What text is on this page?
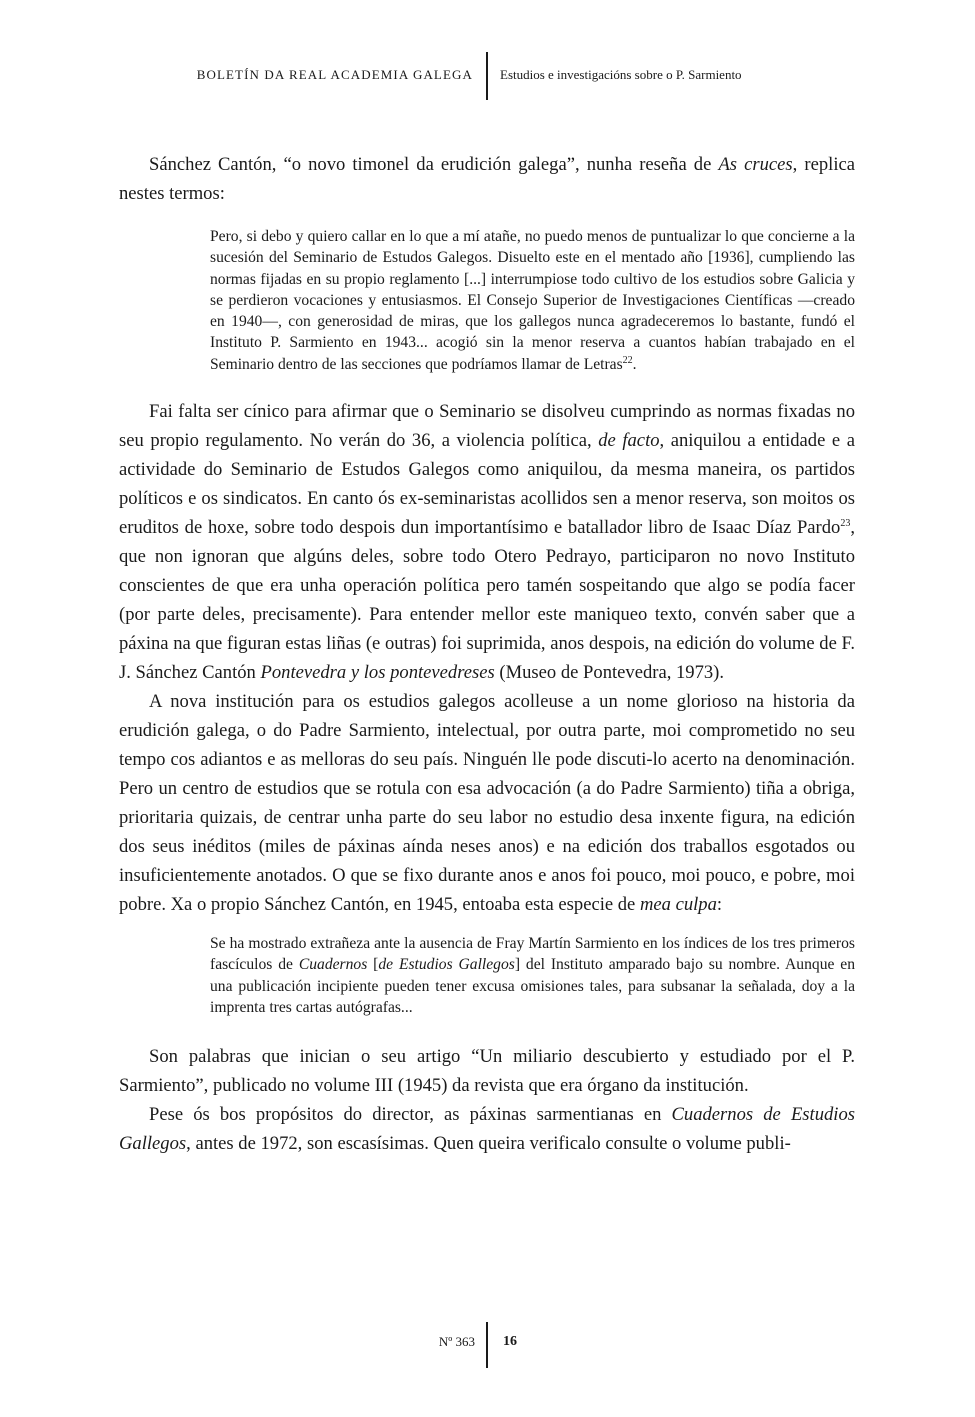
BOLETÍN DA REAL ACADEMIA GALEGA Estudios e investigacións sobre o P. Sarmiento

Sánchez Cantón, “o novo timonel da erudición galega”, nunha reseña de As cruces, replica nestes termos:

Pero, si debo y quiero callar en lo que a mí atañe, no puedo menos de puntualizar lo que concierne a la sucesión del Seminario de Estudos Galegos. Disuelto este en el mentado año [1936], cumpliendo las normas fijadas en su propio reglamento [...] interrumpiose todo cultivo de los estudios sobre Galicia y se perdieron vocaciones y entusiasmos. El Consejo Superior de Investigaciones Científicas —creado en 1940—, con generosidad de miras, que los gallegos nunca agradeceremos lo bastante, fundó el Instituto P. Sarmiento en 1943... acogió sin la menor reserva a cuantos habían trabajado en el Seminario dentro de las secciones que podríamos llamar de Letras$^{22}$.

Fai falta ser cínico para afirmar que o Seminario se disolveu cumprindo as normas fixadas no seu propio regulamento. No verán do 36, a violencia política, de facto, aniquilou a entidade e a actividade do Seminario de Estudos Galegos como aniquilou, da mesma maneira, os partidos políticos e os sindicatos. En canto ós ex-seminaristas acollidos sen a menor reserva, son moitos os eruditos de hoxe, sobre todo despois dun importantísimo e batallador libro de Isaac Díaz Pardo$^{23}$, que non ignoran que algúns deles, sobre todo Otero Pedrayo, participaron no novo Instituto conscientes de que era unha operación política pero tamén sospeitando que algo se podía facer (por parte deles, precisamente). Para entender mellor este maniqueo texto, convén saber que a páxina na que figuran estas liñas (e outras) foi suprimida, anos despois, na edición do volume de F. J. Sánchez Cantón Pontevedra y los pontevedreses (Museo de Pontevedra, 1973).

A nova institución para os estudios galegos acolleuse a un nome glorioso na historia da erudición galega, o do Padre Sarmiento, intelectual, por outra parte, moi comprometido no seu tempo cos adiantos e as melloras do seu país. Ninguén lle pode discuti-lo acerto na denominación. Pero un centro de estudios que se rotula con esa advocación (a do Padre Sarmiento) tiña a obriga, prioritaria quizais, de centrar unha parte do seu labor no estudio desa inxente figura, na edición dos seus inéditos (miles de páxinas aínda neses anos) e na edición dos traballos esgotados ou insuficientemente anotados. O que se fixo durante anos e anos foi pouco, moi pouco, e pobre, moi pobre. Xa o propio Sánchez Cantón, en 1945, entoaba esta especie de mea culpa:

Se ha mostrado extrañeza ante la ausencia de Fray Martín Sarmiento en los índices de los tres primeros fascículos de Cuadernos [de Estudios Gallegos] del Instituto amparado bajo su nombre. Aunque en una publicación incipiente pueden tener excusa omisiones tales, para subsanar la señalada, doy a la imprenta tres cartas autógrafas...

Son palabras que inician o seu artigo “Un miliario descubierto y estudiado por el P. Sarmiento”, publicado no volume III (1945) da revista que era órgano da institución.

Pese ós bos propósitos do director, as páxinas sarmentianas en Cuadernos de Estudios Gallegos, antes de 1972, son escasísimas. Quen queira verificalo consulte o volume publi-

Nº 363 16
